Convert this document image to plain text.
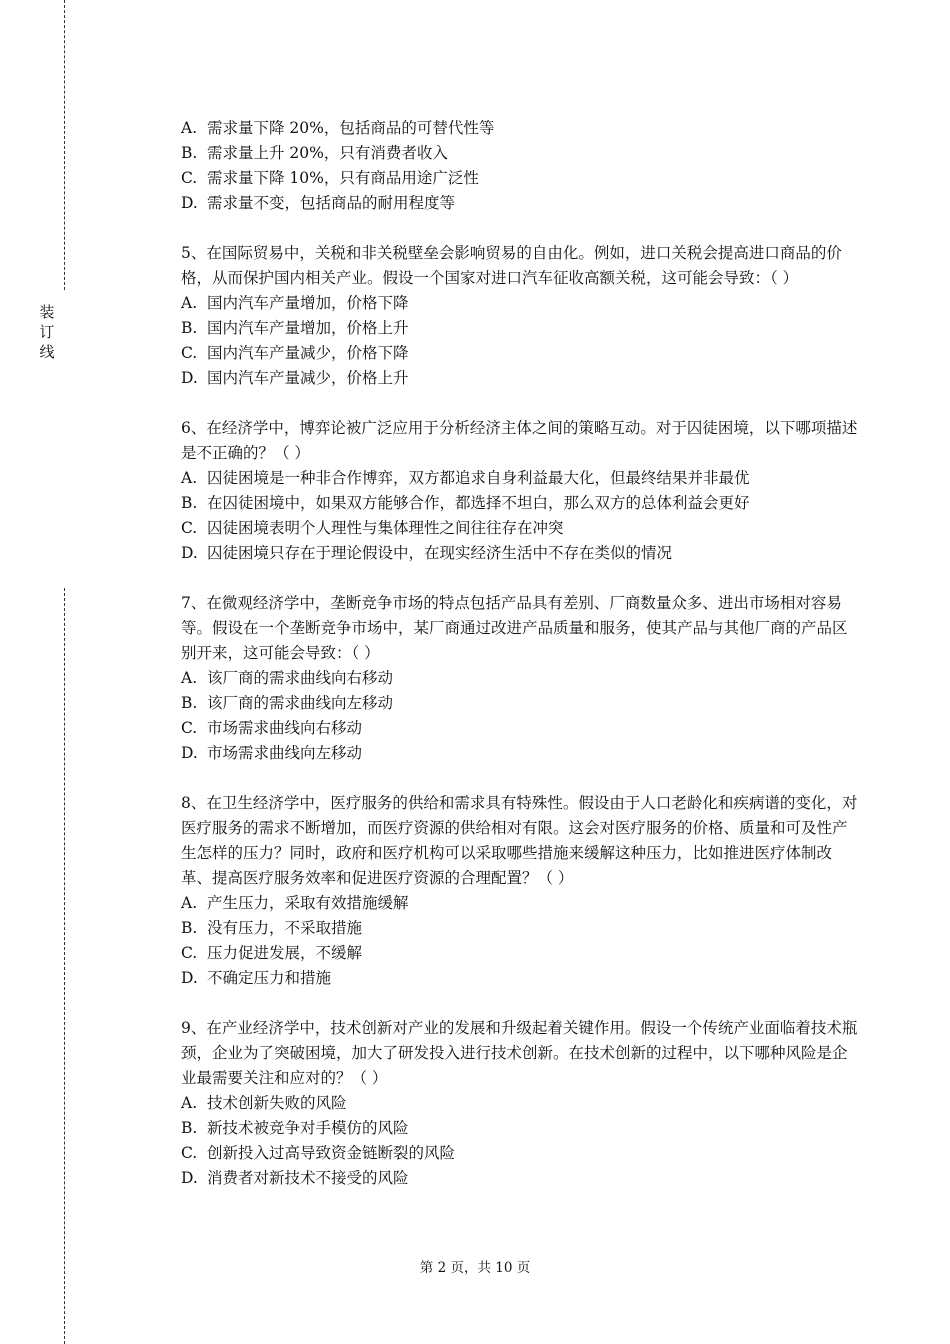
装
订
线
A. 需求量下降 20%，包括商品的可替代性等
B. 需求量上升 20%，只有消费者收入
C. 需求量下降 10%，只有商品用途广泛性
D. 需求量不变，包括商品的耐用程度等

5、在国际贸易中，关税和非关税壁垒会影响贸易的自由化。例如，进口关税会提高进口商品的价格，从而保护国内相关产业。假设一个国家对进口汽车征收高额关税，这可能会导致：（ ）

A. 国内汽车产量增加，价格下降
B. 国内汽车产量增加，价格上升
C. 国内汽车产量减少，价格下降
D. 国内汽车产量减少，价格上升

6、在经济学中，博弈论被广泛应用于分析经济主体之间的策略互动。对于囚徒困境，以下哪项描述是不正确的？（ ）

A. 囚徒困境是一种非合作博弈，双方都追求自身利益最大化，但最终结果并非最优
B. 在囚徒困境中，如果双方能够合作，都选择不坦白，那么双方的总体利益会更好
C. 囚徒困境表明个人理性与集体理性之间往往存在冲突
D. 囚徒困境只存在于理论假设中，在现实经济生活中不存在类似的情况

7、在微观经济学中，垄断竞争市场的特点包括产品具有差别、厂商数量众多、进出市场相对容易等。假设在一个垄断竞争市场中，某厂商通过改进产品质量和服务，使其产品与其他厂商的产品区别开来，这可能会导致：（ ）

A. 该厂商的需求曲线向右移动
B. 该厂商的需求曲线向左移动
C. 市场需求曲线向右移动
D. 市场需求曲线向左移动

8、在卫生经济学中，医疗服务的供给和需求具有特殊性。假设由于人口老龄化和疾病谱的变化，对医疗服务的需求不断增加，而医疗资源的供给相对有限。这会对医疗服务的价格、质量和可及性产生怎样的压力？同时，政府和医疗机构可以采取哪些措施来缓解这种压力，比如推进医疗体制改革、提高医疗服务效率和促进医疗资源的合理配置？（ ）

A. 产生压力，采取有效措施缓解
B. 没有压力，不采取措施
C. 压力促进发展，不缓解
D. 不确定压力和措施

9、在产业经济学中，技术创新对产业的发展和升级起着关键作用。假设一个传统产业面临着技术瓶颈，企业为了突破困境，加大了研发投入进行技术创新。在技术创新的过程中，以下哪种风险是企业最需要关注和应对的？（ ）

A. 技术创新失败的风险
B. 新技术被竞争对手模仿的风险
C. 创新投入过高导致资金链断裂的风险
D. 消费者对新技术不接受的风险
第 2 页，共 10 页
